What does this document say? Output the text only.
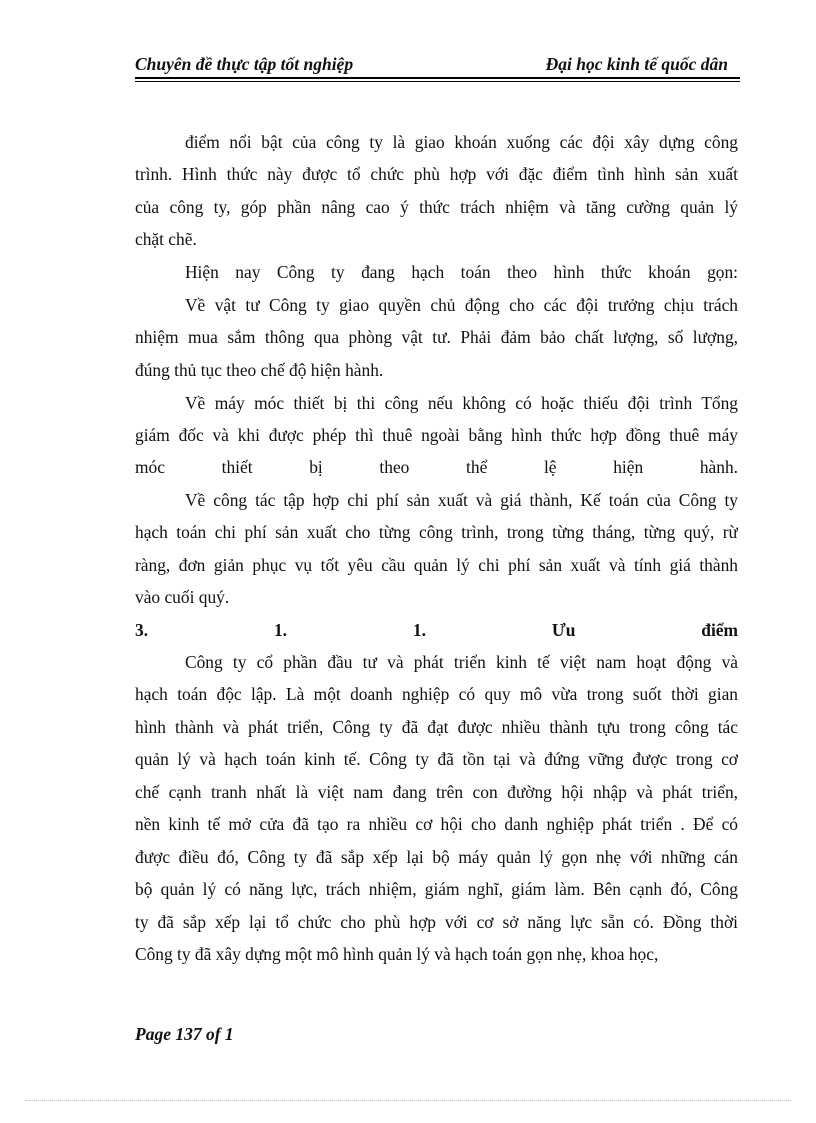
Chuyên đề thực tập tốt nghiệp	Đại học kinh tế quốc dân
điểm nổi bật của công ty là giao khoán xuống các đội xây dựng công
trình. Hình thức này được tổ chức phù hợp với đặc điểm tình hình sản xuất
của công ty, góp phần nâng cao ý thức trách nhiệm và tăng cường quản lý
chặt chẽ.
Hiện nay Công ty đang hạch toán theo hình thức khoán gọn:
Về vật tư Công ty giao quyền chủ động cho các đội trưởng chịu trách
nhiệm mua sắm thông qua phòng vật tư. Phải đảm bảo chất lượng, số lượng,
đúng thủ tục theo chế độ hiện hành.
Về máy móc thiết bị thi công nếu không có hoặc thiếu đội trình Tổng
giám đốc và khi được phép thì thuê ngoài bằng hình thức hợp đồng thuê máy
móc	thiết	bị	theo	thể	lệ	hiện	hành.
Về công tác tập hợp chi phí sản xuất và giá thành, Kế toán của Công ty
hạch toán chi phí sản xuất cho từng công trình, trong từng tháng, từng quý, rừ
ràng, đơn giản phục vụ tốt yêu cầu quản lý chi phí sản xuất và tính giá thành
vào cuối quý.
3.	1.	1.	Ưu	điểm
Công ty cổ phần đầu tư và phát triển kinh tế việt nam hoạt động và
hạch toán độc lập. Là một doanh nghiệp có quy mô vừa trong suốt thời gian
hình thành và phát triển, Công ty đã đạt được nhiều thành tựu trong công tác
quản lý và hạch toán kinh tế. Công ty đã tồn tại và đứng vững được trong cơ
chế cạnh tranh nhất là việt nam đang trên con đường hội nhập và phát triển,
nền kinh tế mở cửa đã tạo ra nhiều cơ hội cho danh nghiệp phát triển . Để có
được điều đó, Công ty đã sắp xếp lại bộ máy quản lý gọn nhẹ với những cán
bộ quản lý có năng lực, trách nhiệm, giám nghĩ, giám làm. Bên cạnh đó, Công
ty đã sắp xếp lại tổ chức cho phù hợp với cơ sở năng lực sẵn có. Đồng thời
Công ty đã xây dựng một mô hình quản lý và hạch toán gọn nhẹ, khoa học,
Page 137 of 1
